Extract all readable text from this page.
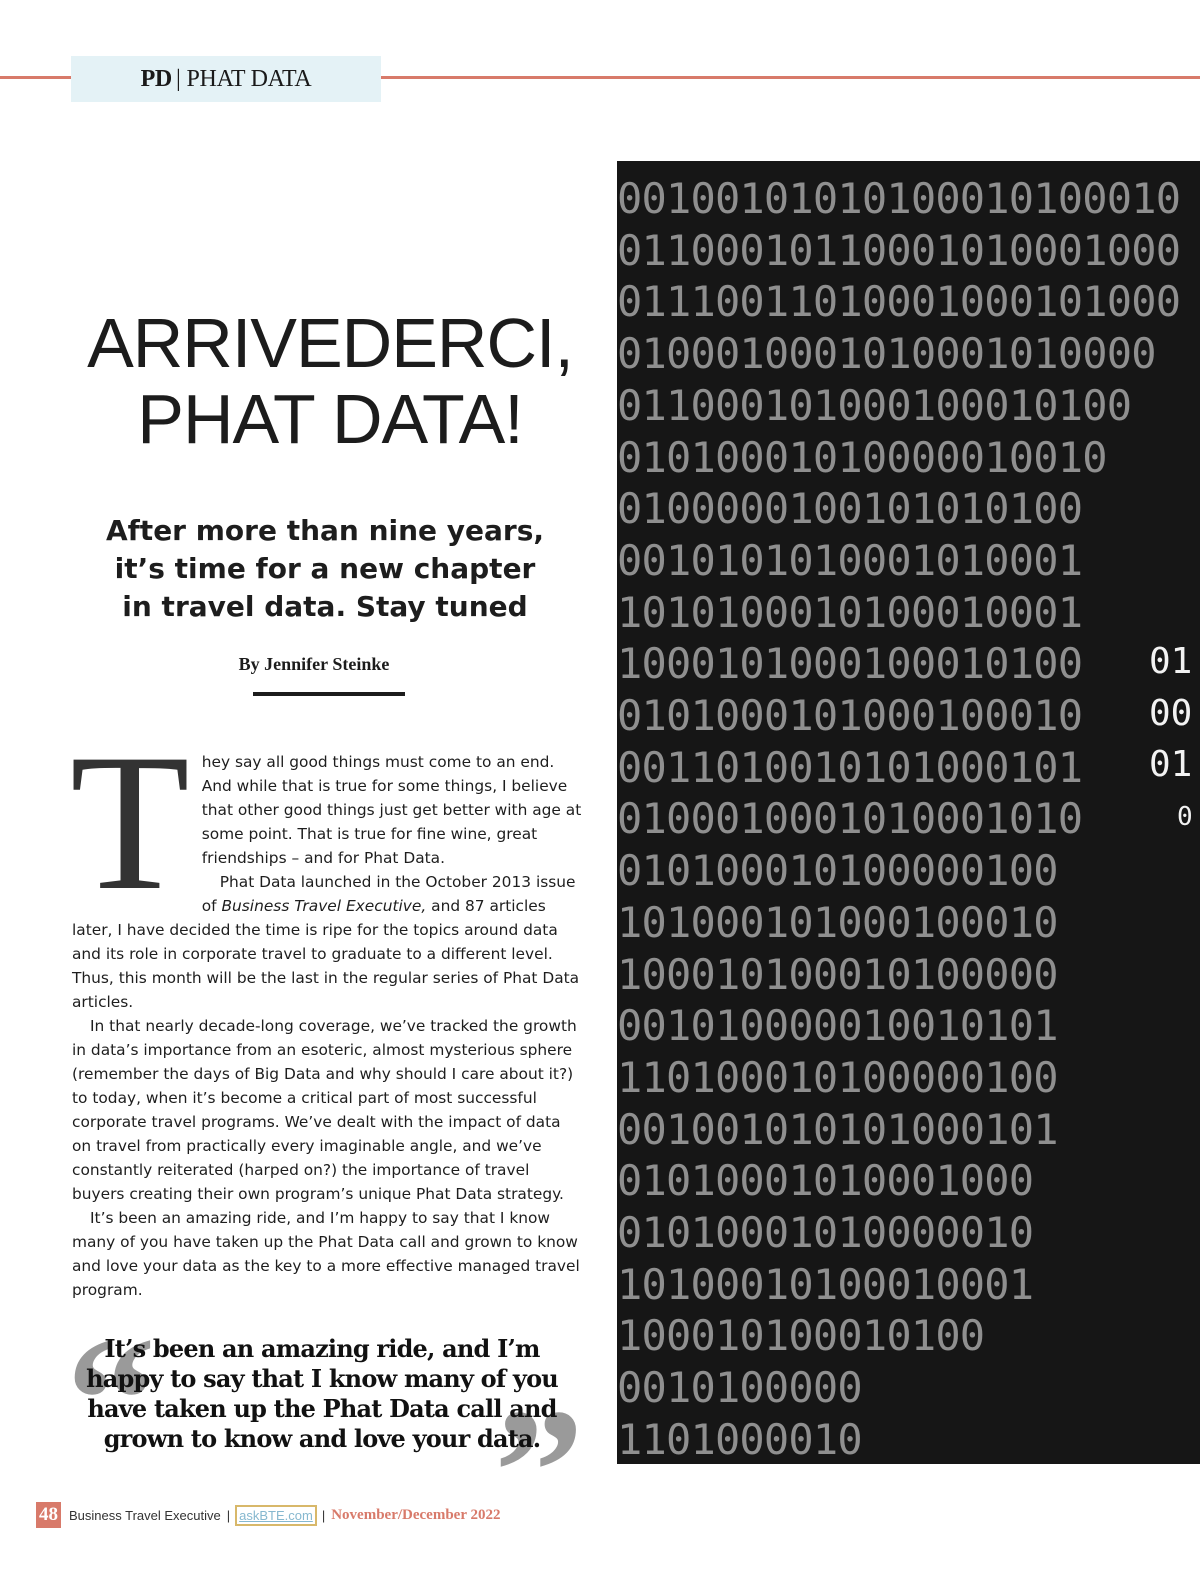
PD | PHAT DATA
ARRIVEDERCI,
PHAT DATA!
After more than nine years,
it’s time for a new chapter
in travel data. Stay tuned
By Jennifer Steinke

They say all good things must come to an end. And while that is true for some things, I believe that other good things just get better with age at some point. That is true for fine wine, great friendships – and for Phat Data.

Phat Data launched in the October 2013 issue of Business Travel Executive, and 87 articles later, I have decided the time is ripe for the topics around data and its role in corporate travel to graduate to a different level. Thus, this month will be the last in the regular series of Phat Data articles.

In that nearly decade-long coverage, we’ve tracked the growth in data’s importance from an esoteric, almost mysterious sphere (remember the days of Big Data and why should I care about it?) to today, when it’s become a critical part of most successful corporate travel programs. We’ve dealt with the impact of data on travel from practically every imaginable angle, and we’ve constantly reiterated (harped on?) the importance of travel buyers creating their own program’s unique Phat Data strategy.

It’s been an amazing ride, and I’m happy to say that I know many of you have taken up the Phat Data call and grown to know and love your data as the key to a more effective managed travel program.

“ ”
It’s been an amazing ride, and I’m
happy to say that I know many of you
have taken up the Phat Data call and
grown to know and love your data.
00100101010100010100010
01100010110001010001000
01110011010001000101000
0100010001010001010000
011000101000100010100
01010001010000010010
0100000100101010100
0010101010001010001
1010100010100010001
1000101000100010100
0101000101000100010
0011010010101000101
0100010001010001010
010100010100000100
101000101000100010
100010100010100000
001010000010010101
110100010100000100
001001010101000101
01010001010001000
01010001010000010
10100010100010001
100010100010100
0010100000
1101000010
01
00
01
0
48 Business Travel Executive | askBTE.com | November/December 2022
